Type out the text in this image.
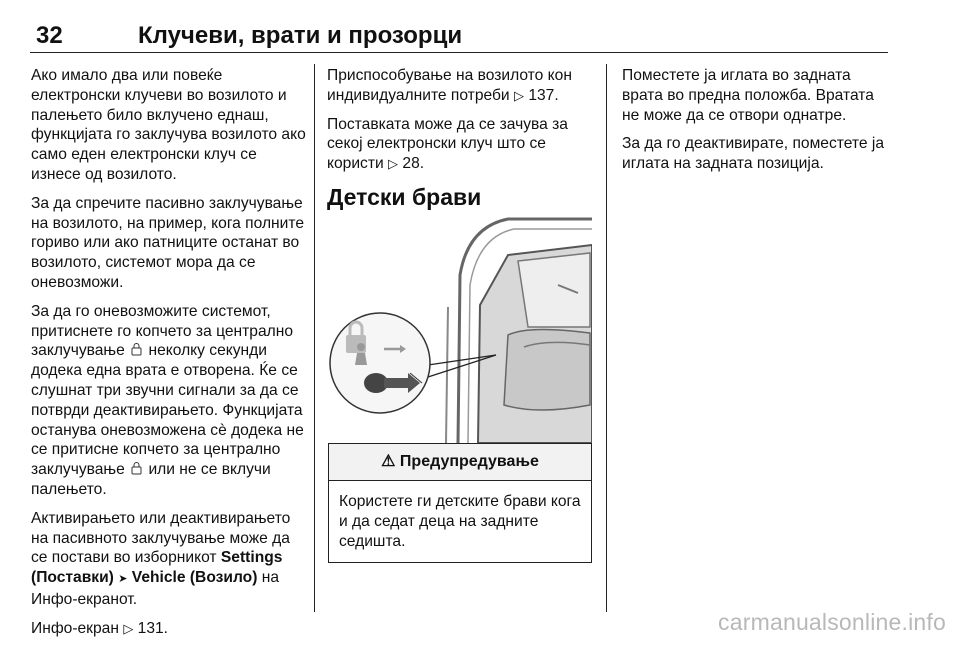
32	Клучеви, врати и прозорци

Ако имало два или повеќе електронски клучеви во возилото и палењето било вклучено еднаш, функцијата го заклучува возилото ако само еден електронски клуч се изнесе од возилото.

За да спречите пасивно заклучување на возилото, на пример, кога полните гориво или ако патниците останат во возилото, системот мора да се оневозможи.

За да го оневозможите системот, притиснете го копчето за централно заклучување неколку секунди додека една врата е отворена. Ќе се слушнат три звучни сигнали за да се потврди деактивирањето. Функцијата останува оневозможена сè додека не се притисне копчето за централно заклучување или не се вклучи палењето.

Активирањето или деактивирањето на пасивното заклучување може да се постави во изборникот Settings (Поставки) ➤ Vehicle (Возило) на Инфо-екранот.

Инфо-екран ▷ 131.

Приспособување на возилото кон индивидуалните потреби ▷ 137.

Поставката може да се зачува за секој електронски клуч што се користи ▷ 28.

Детски брави
⚠ Предупредување
Користете ги детските брави кога и да седат деца на задните седишта.

Поместете ја иглата во задната врата во предна положба. Вратата не може да се отвори однатре.

За да го деактивирате, поместете ја иглата на задната позиција.

carmanualsonline.info
